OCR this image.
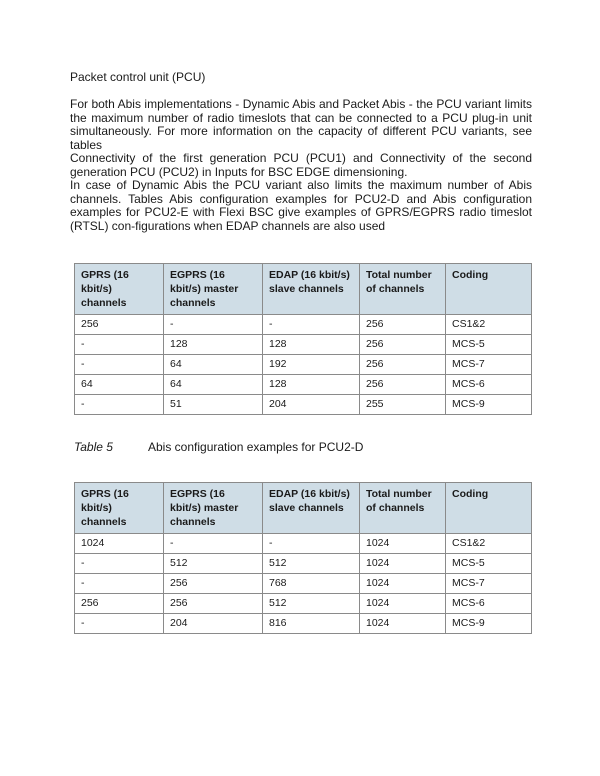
Packet control unit (PCU)

For both Abis implementations - Dynamic Abis and Packet Abis - the PCU variant limits the maximum number of radio timeslots that can be connected to a PCU plug-in unit simultaneously. For more information on the capacity of different PCU variants, see tables

Connectivity of the first generation PCU (PCU1) and Connectivity of the second generation PCU (PCU2) in Inputs for BSC EDGE dimensioning.

In case of Dynamic Abis the PCU variant also limits the maximum number of Abis channels. Tables Abis configuration examples for PCU2-D and Abis configuration examples for PCU2-E with Flexi BSC give examples of GPRS/EGPRS radio timeslot (RTSL) con-figurations when EDAP channels are also used

GPRS (16 kbit/s) channels	EGPRS (16 kbit/s) master channels	EDAP (16 kbit/s) slave channels	Total number of channels	Coding
256	-	-	256	CS1&2
-	128	128	256	MCS-5
-	64	192	256	MCS-7
64	64	128	256	MCS-6
-	51	204	255	MCS-9
Table 5	Abis configuration examples for PCU2-D
GPRS (16 kbit/s) channels	EGPRS (16 kbit/s) master channels	EDAP (16 kbit/s) slave channels	Total number of channels	Coding
1024	-	-	1024	CS1&2
-	512	512	1024	MCS-5
-	256	768	1024	MCS-7
256	256	512	1024	MCS-6
-	204	816	1024	MCS-9
